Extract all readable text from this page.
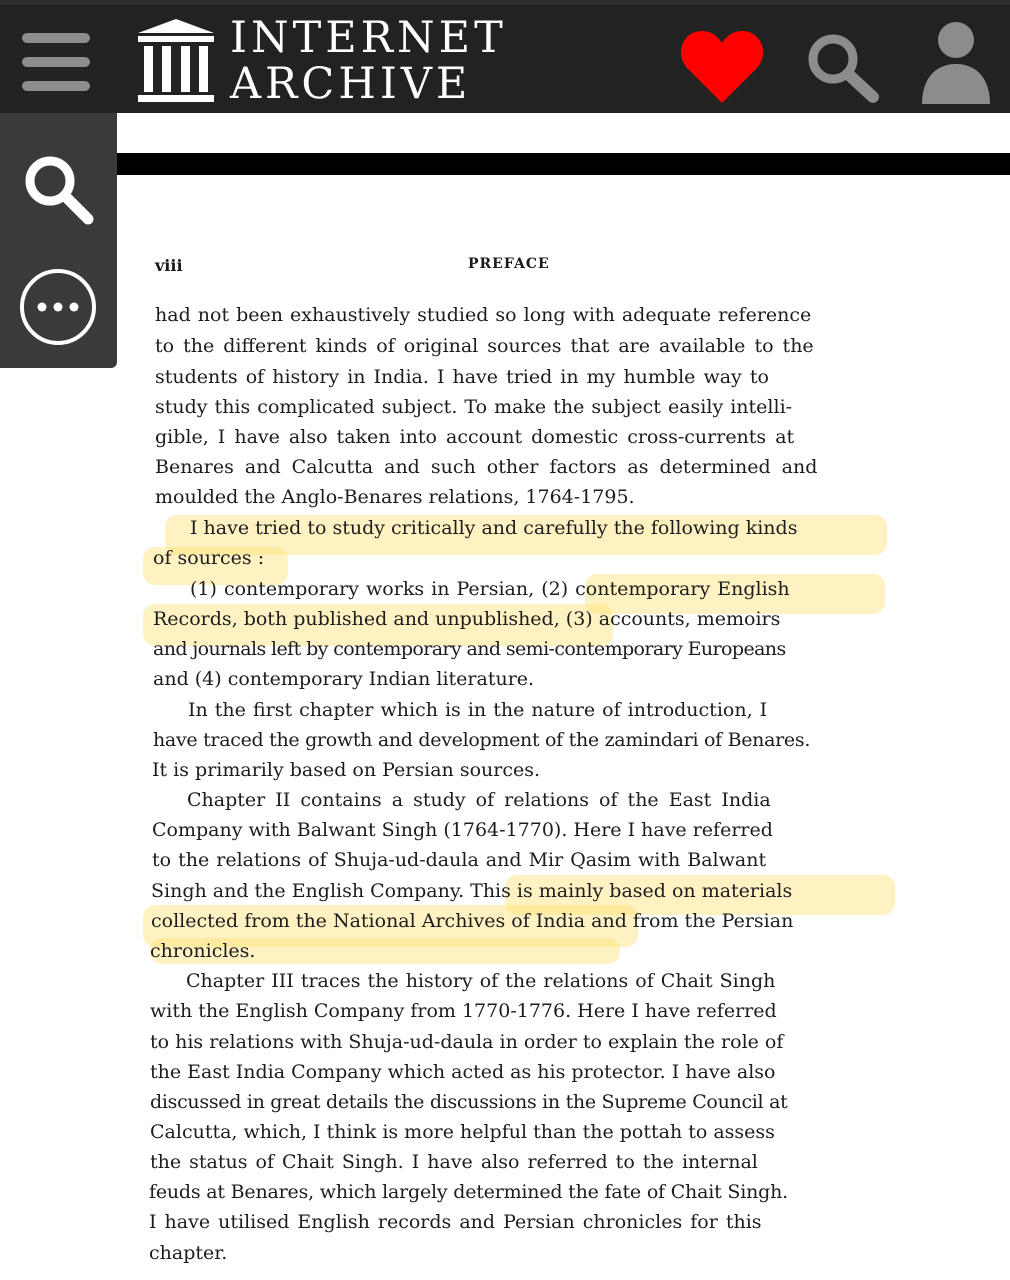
INTERNET
ARCHIVE
viii	PREFACE
had not been exhaustively studied so long with adequate reference
to the different kinds of original sources that are available to the
students of history in India. I have tried in my humble way to
study this complicated subject. To make the subject easily intelli-
gible, I have also taken into account domestic cross-currents at
Benares and Calcutta and such other factors as determined and
moulded the Anglo-Benares relations, 1764-1795.
I have tried to study critically and carefully the following kinds
of sources :
(1) contemporary works in Persian, (2) contemporary English
Records, both published and unpublished, (3) accounts, memoirs
and journals left by contemporary and semi-contemporary Europeans
and (4) contemporary Indian literature.
In the first chapter which is in the nature of introduction, I
have traced the growth and development of the zamindari of Benares.
It is primarily based on Persian sources.
Chapter II contains a study of relations of the East India
Company with Balwant Singh (1764-1770). Here I have referred
to the relations of Shuja-ud-daula and Mir Qasim with Balwant
Singh and the English Company. This is mainly based on materials
collected from the National Archives of India and from the Persian
chronicles.
Chapter III traces the history of the relations of Chait Singh
with the English Company from 1770-1776. Here I have referred
to his relations with Shuja-ud-daula in order to explain the role of
the East India Company which acted as his protector. I have also
discussed in great details the discussions in the Supreme Council at
Calcutta, which, I think is more helpful than the pottah to assess
the status of Chait Singh. I have also referred to the internal
feuds at Benares, which largely determined the fate of Chait Singh.
I have utilised English records and Persian chronicles for this
chapter.
